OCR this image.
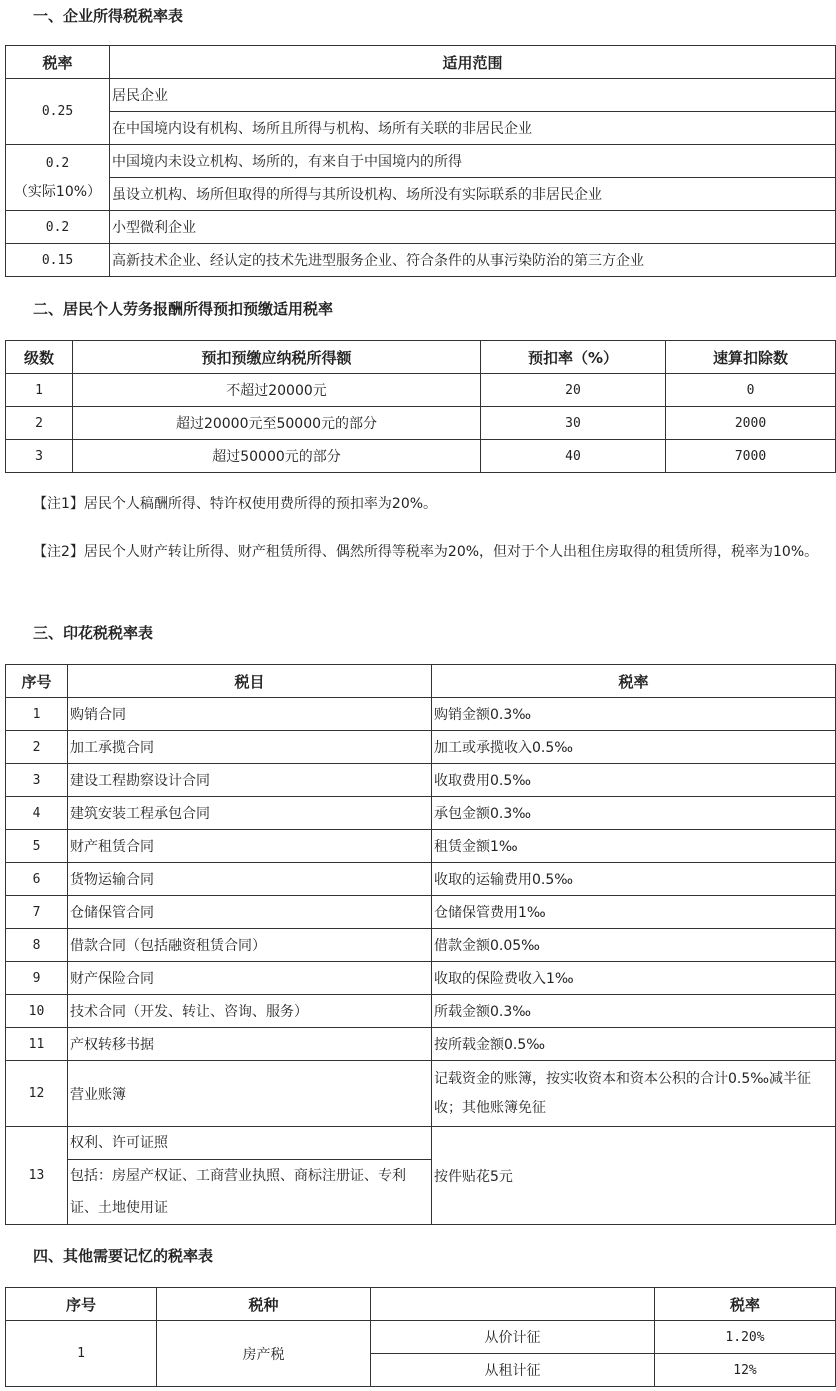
一、企业所得税税率表
税率	适用范围
0.25	居民企业
	在中国境内设有机构、场所且所得与机构、场所有关联的非居民企业

0.2
（实际10%）	中国境内未设立机构、场所的，有来自于中国境内的所得
	虽设立机构、场所但取得的所得与其所设机构、场所没有实际联系的非居民企业
0.2	小型微利企业
0.15	高新技术企业、经认定的技术先进型服务企业、符合条件的从事污染防治的第三方企业
二、居民个人劳务报酬所得预扣预缴适用税率
级数	预扣预缴应纳税所得额	预扣率（%）	速算扣除数
1	不超过20000元	20	0
2	超过20000元至50000元的部分	30	2000
3	超过50000元的部分	40	7000

【注1】居民个人稿酬所得、特许权使用费所得的预扣率为20%。

【注2】居民个人财产转让所得、财产租赁所得、偶然所得等税率为20%，但对于个人出租住房取得的租赁所得，税率为10%。

三、印花税税率表
序号	税目	税率
1	购销合同	购销金额0.3‰
2	加工承揽合同	加工或承揽收入0.5‰
3	建设工程勘察设计合同	收取费用0.5‰
4	建筑安装工程承包合同	承包金额0.3‰
5	财产租赁合同	租赁金额1‰
6	货物运输合同	收取的运输费用0.5‰
7	仓储保管合同	仓储保管费用1‰
8	借款合同（包括融资租赁合同）	借款金额0.05‰
9	财产保险合同	收取的保险费收入1‰
10	技术合同（开发、转让、咨询、服务）	所载金额0.3‰
11	产权转移书据	按所载金额0.5‰
12	营业账簿	记载资金的账簿，按实收资本和资本公积的合计0.5‰减半征收；其他账簿免征
13	权利、许可证照
包括：房屋产权证、工商营业执照、商标注册证、专利证、土地使用证	按件贴花5元
四、其他需要记忆的税率表
序号	税种		税率
1	房产税	从价计征	1.20%
		从租计征	12%
